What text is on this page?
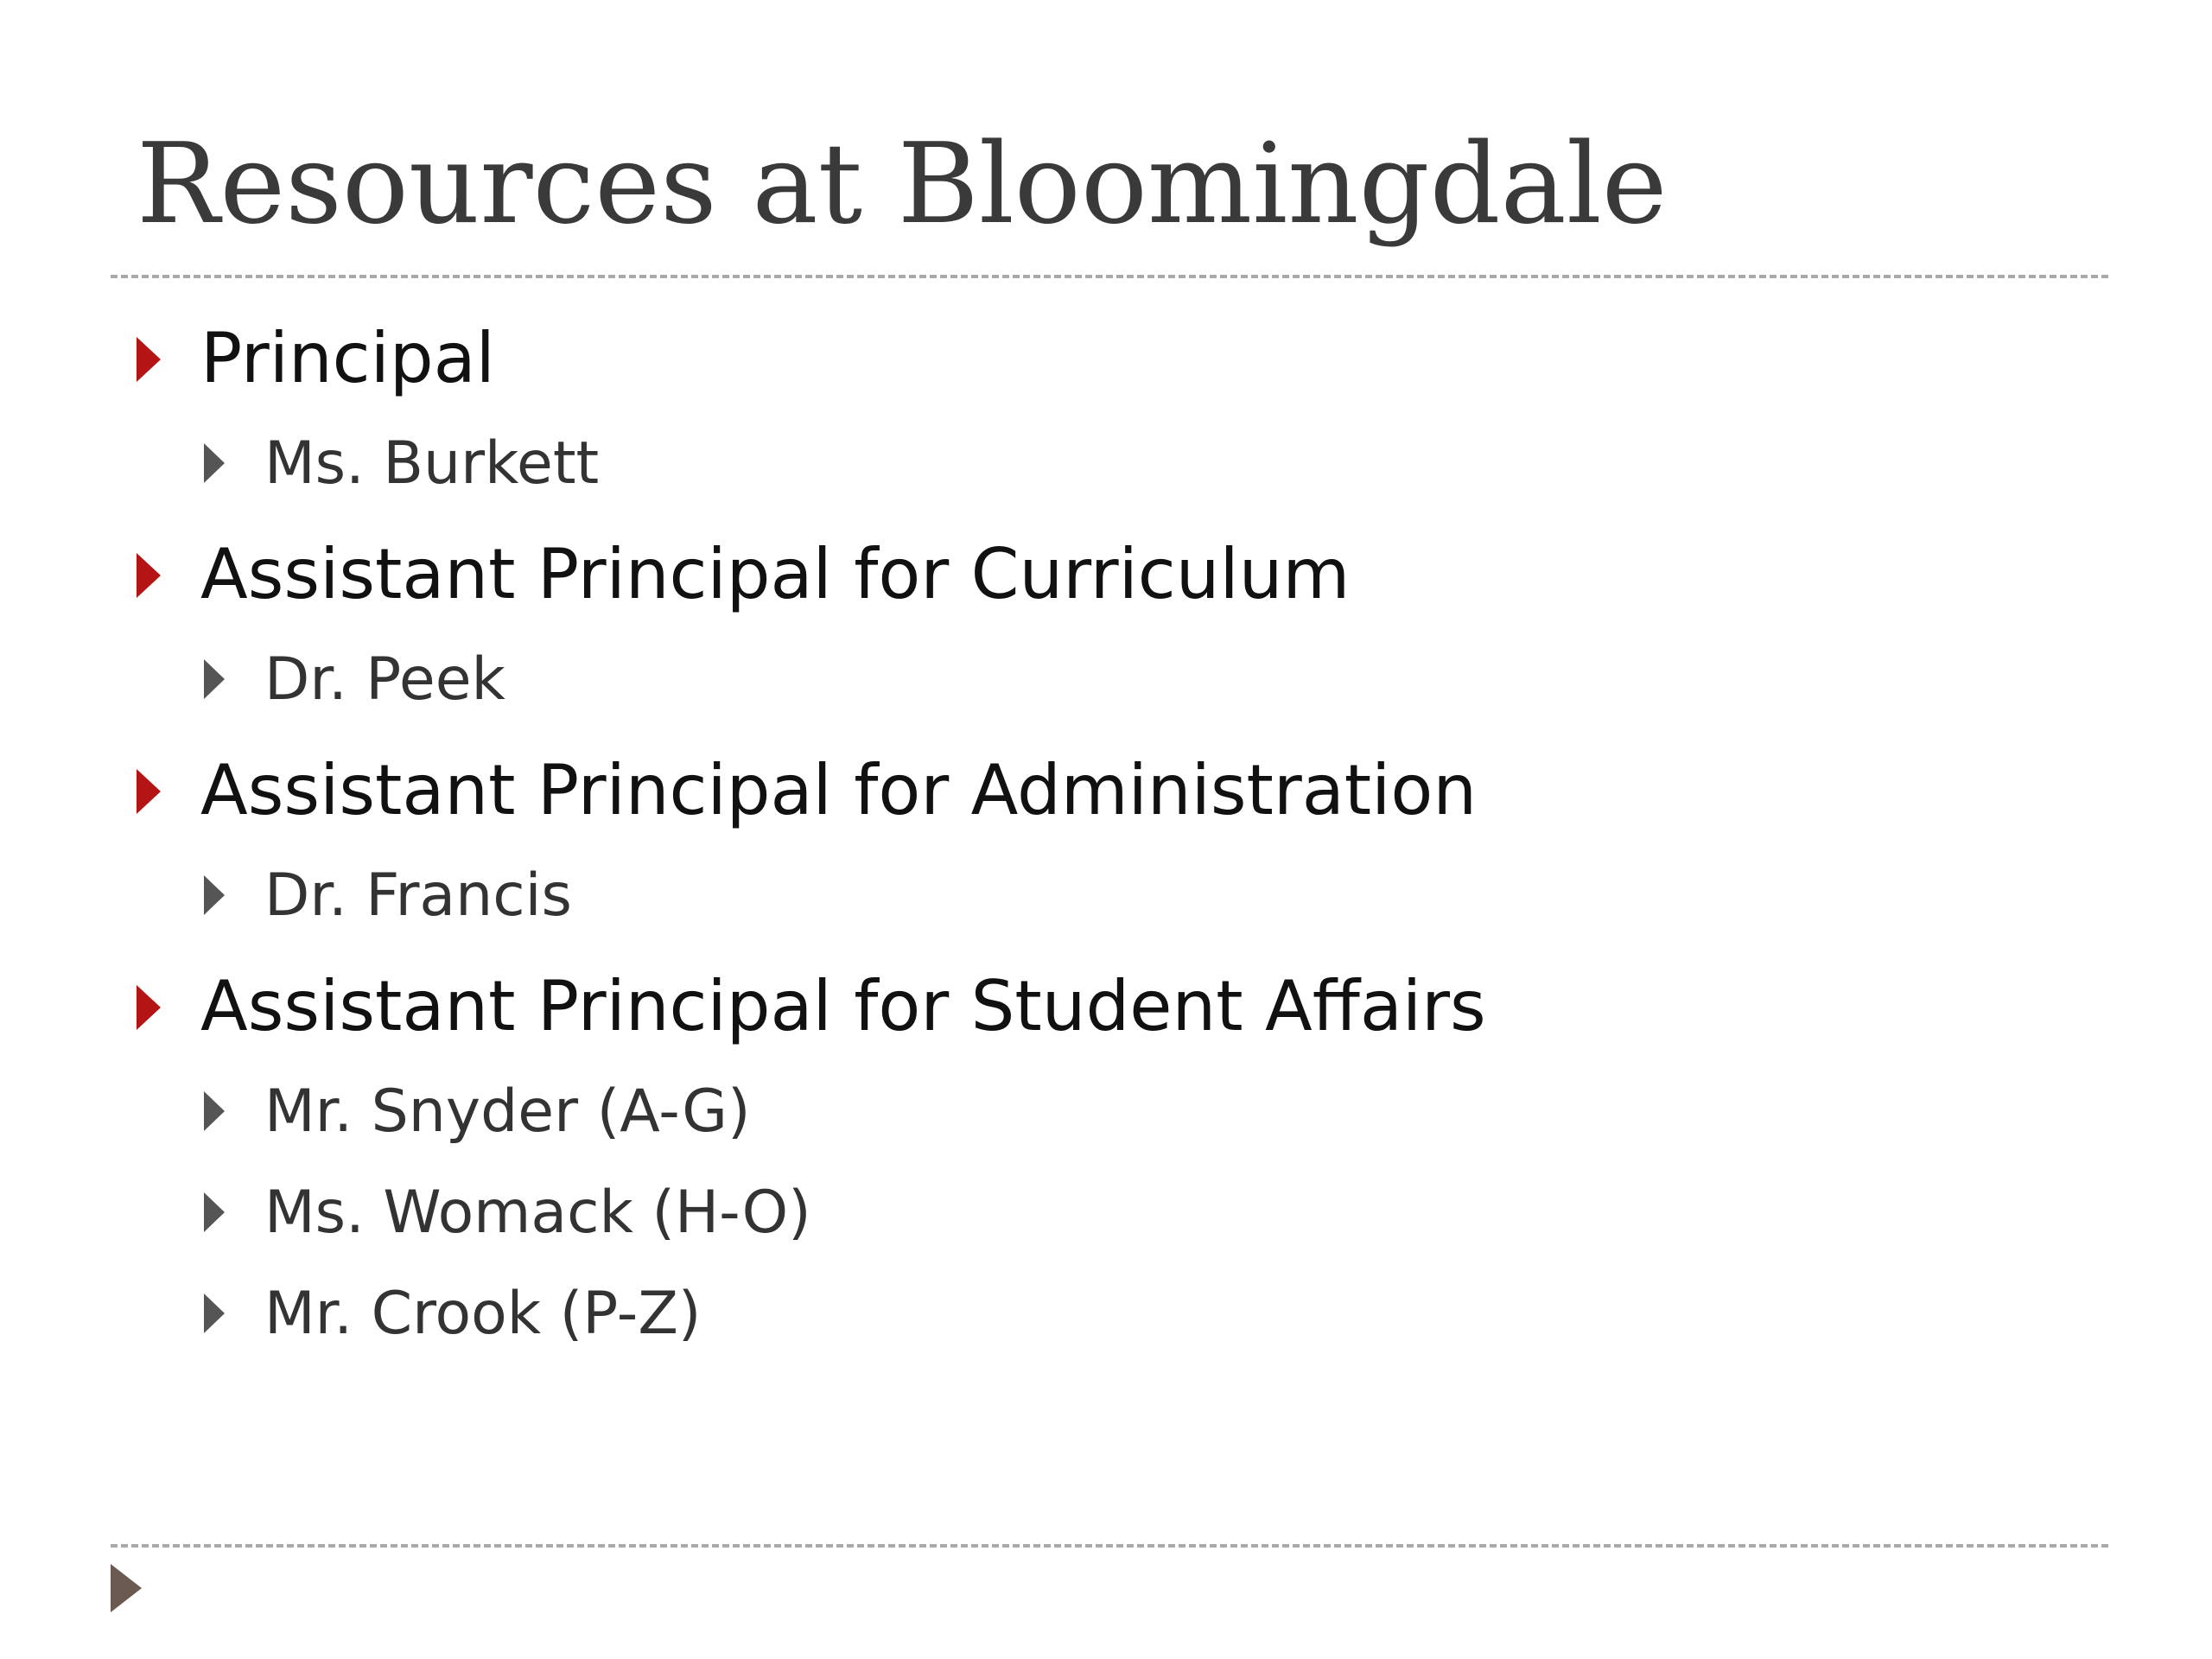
Resources at Bloomingdale
Principal
Ms. Burkett
Assistant Principal for Curriculum
Dr. Peek
Assistant Principal for Administration
Dr. Francis
Assistant Principal for Student Affairs
Mr. Snyder (A-G)
Ms. Womack (H-O)
Mr. Crook (P-Z)
